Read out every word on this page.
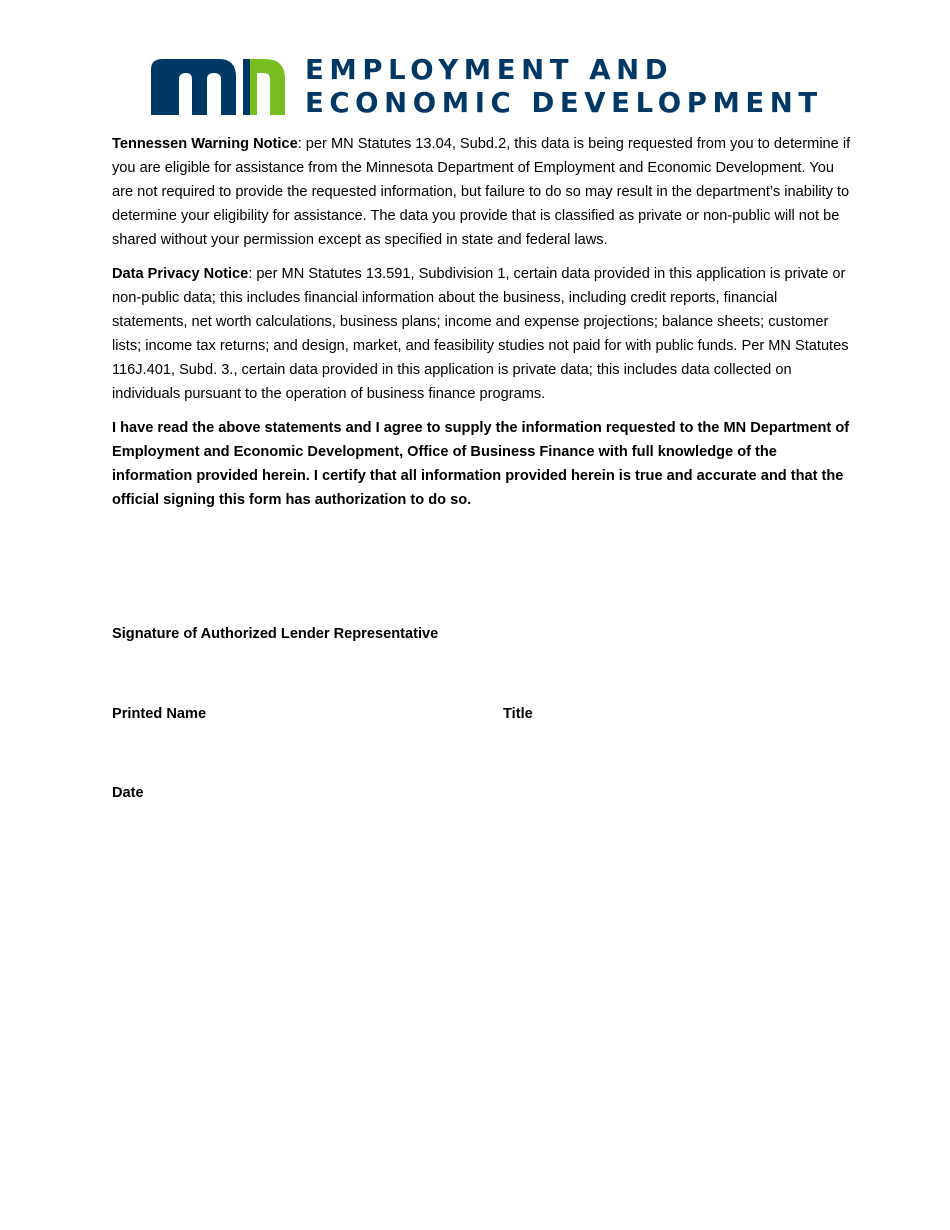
EMPLOYMENT AND
ECONOMIC DEVELOPMENT

Tennessen Warning Notice: per MN Statutes 13.04, Subd.2, this data is being requested from you to determine if you are eligible for assistance from the Minnesota Department of Employment and Economic Development. You are not required to provide the requested information, but failure to do so may result in the department’s inability to determine your eligibility for assistance. The data you provide that is classified as private or non-public will not be shared without your permission except as specified in state and federal laws.

Data Privacy Notice: per MN Statutes 13.591, Subdivision 1, certain data provided in this application is private or non-public data; this includes financial information about the business, including credit reports, financial statements, net worth calculations, business plans; income and expense projections; balance sheets; customer lists; income tax returns; and design, market, and feasibility studies not paid for with public funds. Per MN Statutes 116J.401, Subd. 3., certain data provided in this application is private data; this includes data collected on individuals pursuant to the operation of business finance programs.

I have read the above statements and I agree to supply the information requested to the MN Department of Employment and Economic Development, Office of Business Finance with full knowledge of the information provided herein. I certify that all information provided herein is true and accurate and that the official signing this form has authorization to do so.

Signature of Authorized Lender Representative
Printed Name	Title
Date
